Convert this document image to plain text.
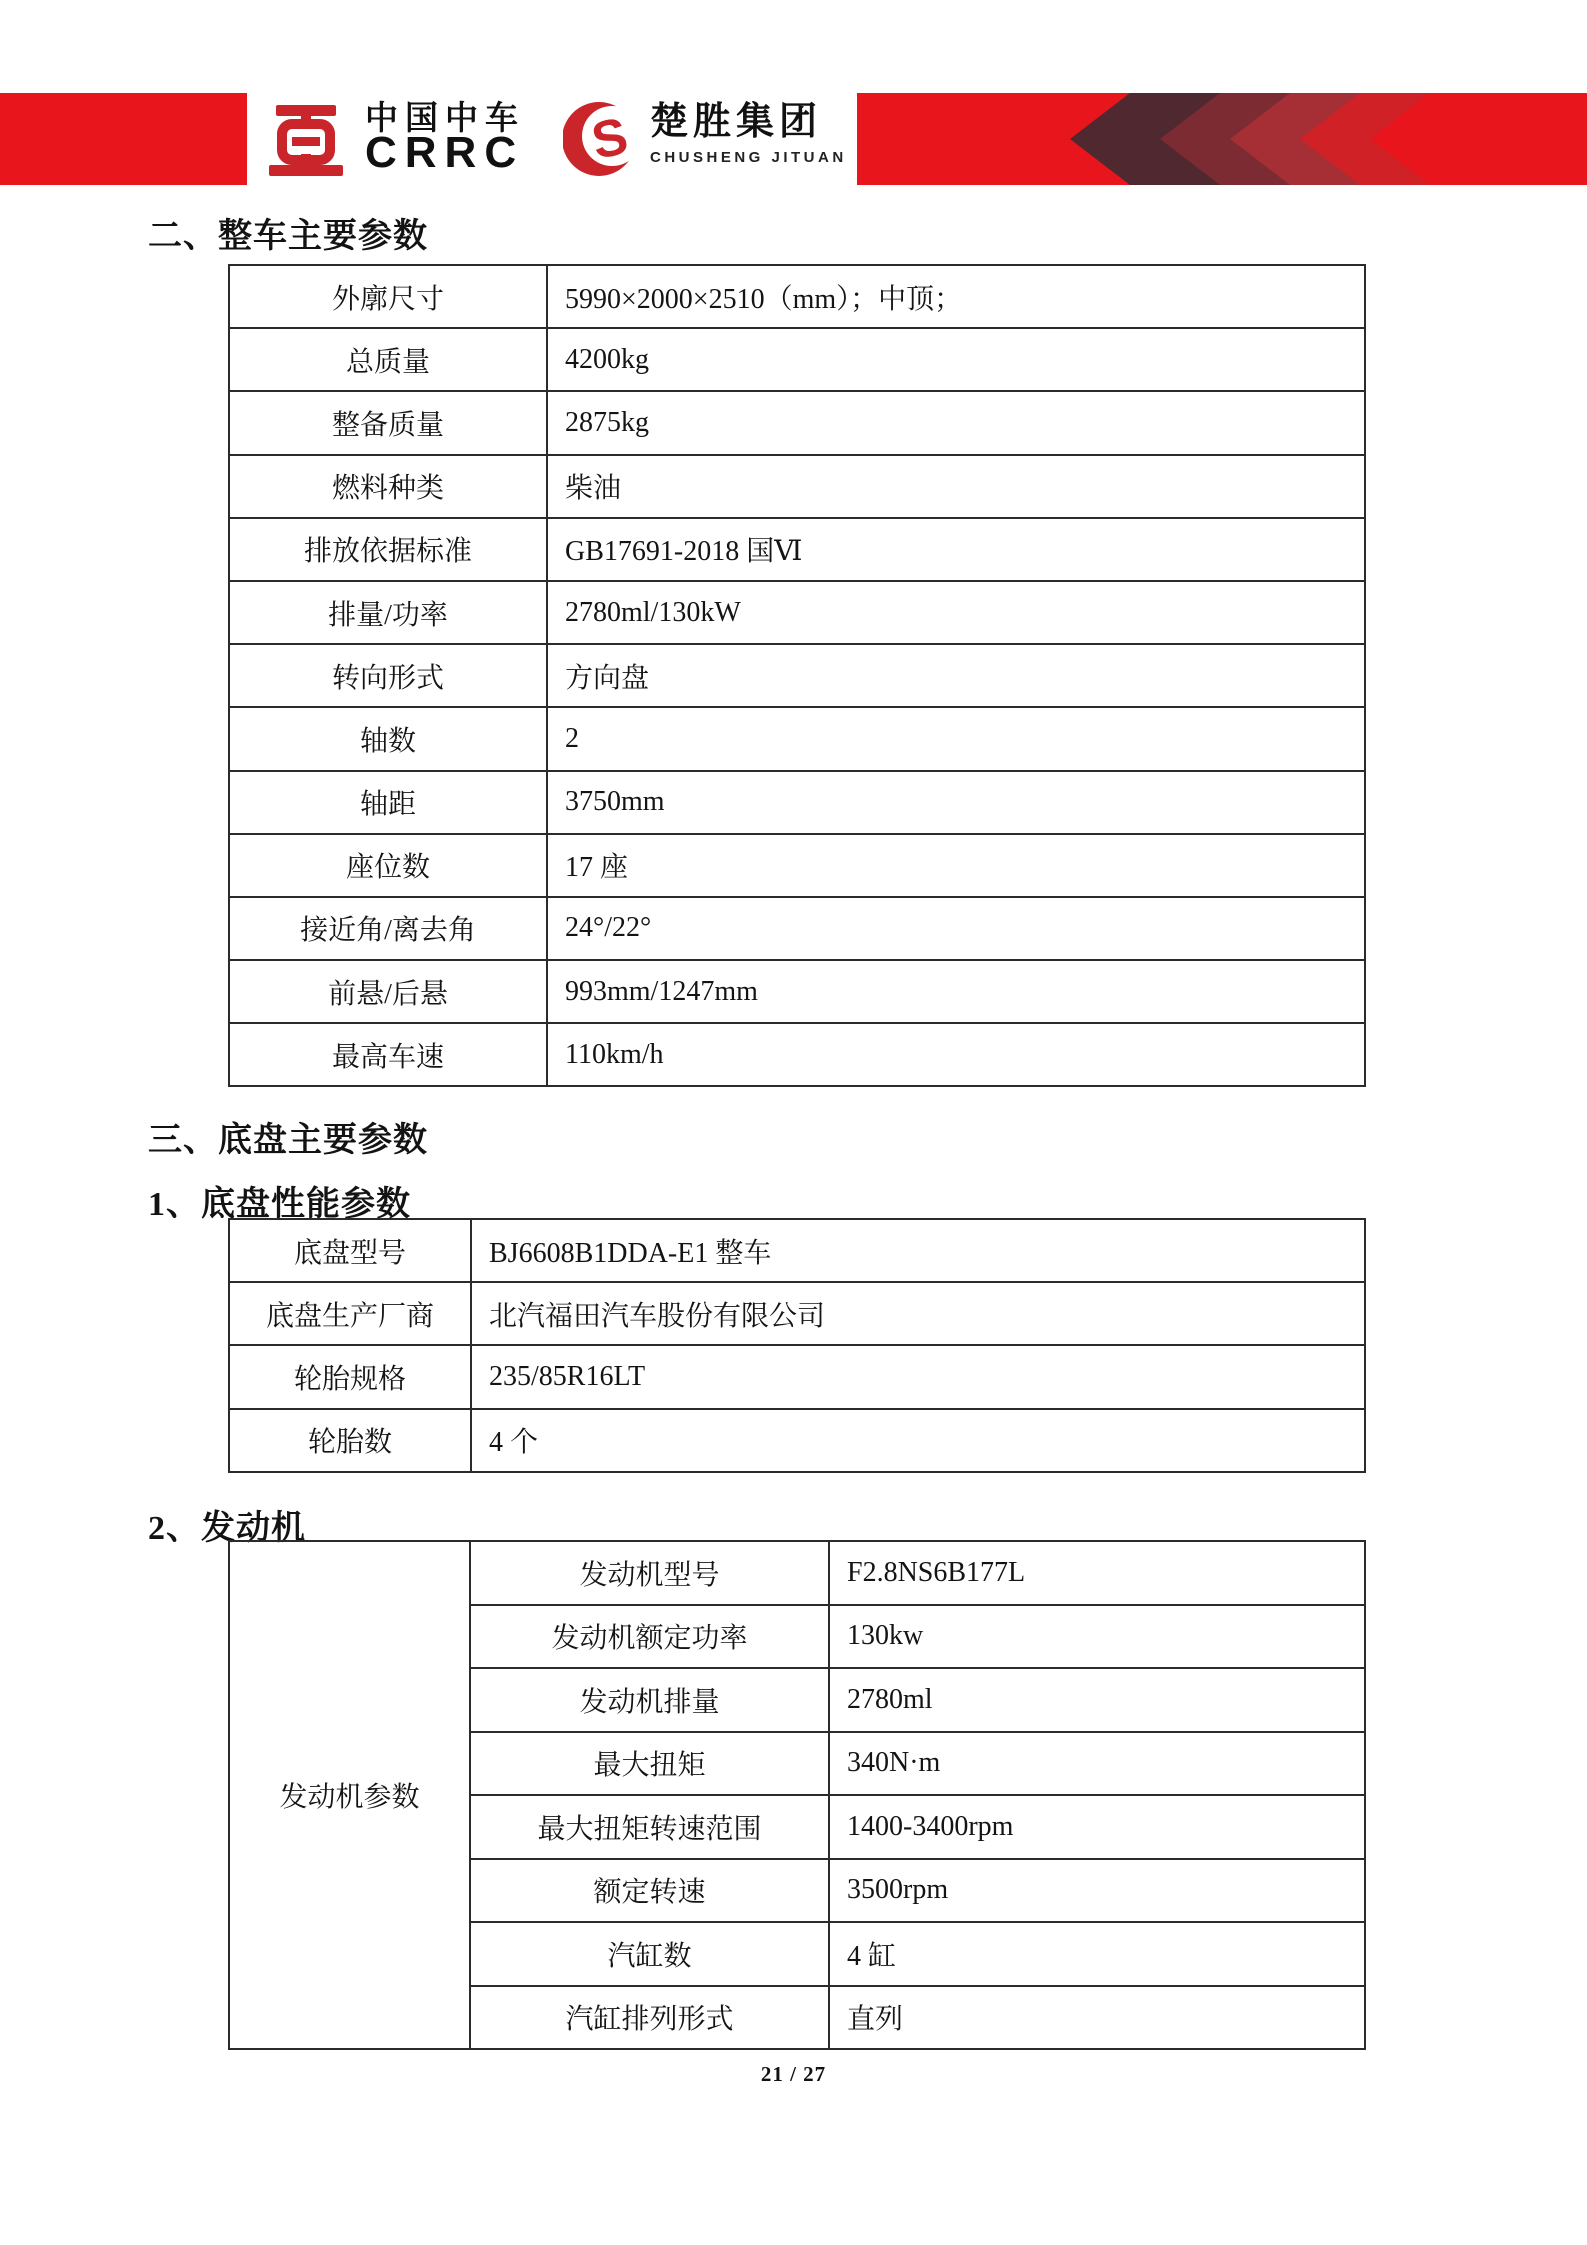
中国中车
CRRC S 楚胜集团
CHUSHENG JITUAN
二、整车主要参数
三、底盘主要参数
1、底盘性能参数
2、发动机
外廓尺寸	5990×2000×2510（mm）；中顶；
总质量	4200kg
整备质量	2875kg
燃料种类	柴油
排放依据标准	GB17691-2018 国Ⅵ
排量/功率	2780ml/130kW
转向形式	方向盘
轴数	2
轴距	3750mm
座位数	17 座
接近角/离去角	24°/22°
前悬/后悬	993mm/1247mm
最高车速	110km/h
底盘型号	BJ6608B1DDA-E1 整车
底盘生产厂商	北汽福田汽车股份有限公司
轮胎规格	235/85R16LT
轮胎数	4 个
发动机参数	发动机型号	F2.8NS6B177L
	发动机额定功率	130kw
	发动机排量	2780ml
	最大扭矩	340N·m
	最大扭矩转速范围	1400-3400rpm
	额定转速	3500rpm
	汽缸数	4 缸
	汽缸排列形式	直列
21 / 27
